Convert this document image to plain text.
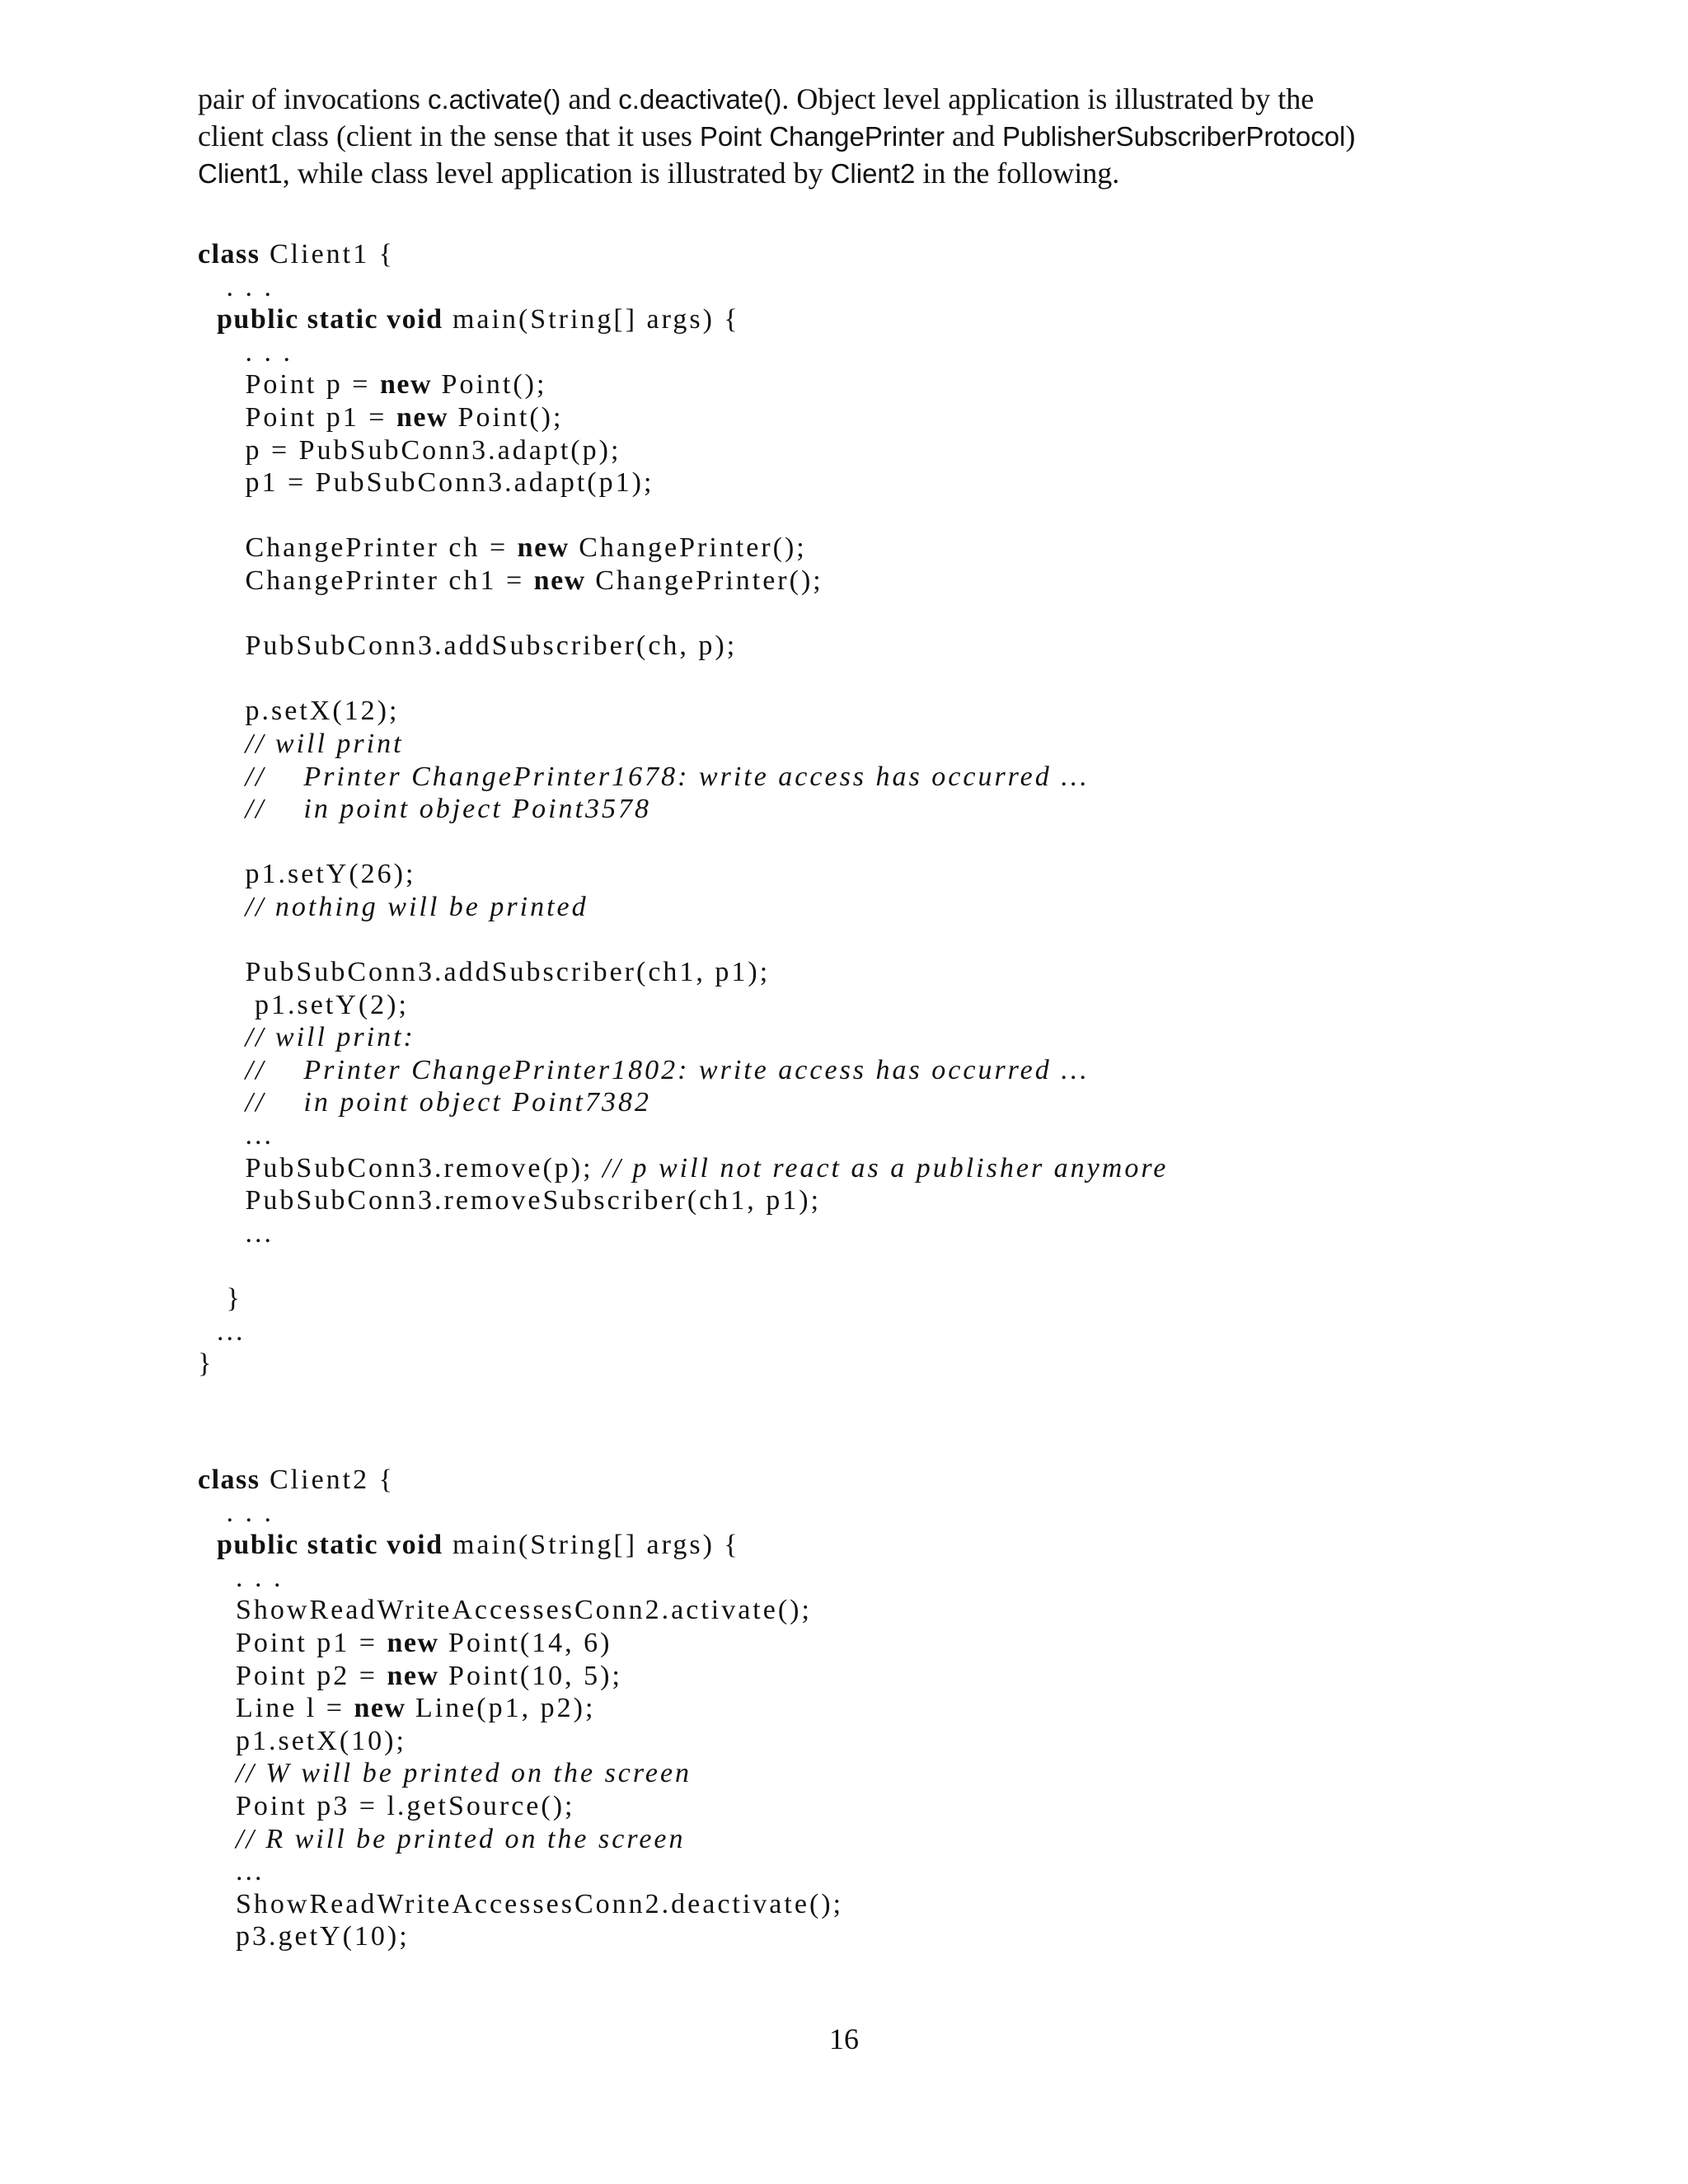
pair of invocations c.activate() and c.deactivate(). Object level application is illustrated by the
client class (client in the sense that it uses Point ChangePrinter and PublisherSubscriberProtocol)
Client1, while class level application is illustrated by Client2 in the following.

class Client1 {
. . .
public static void main(String[] args) {
. . .
Point p = new Point();
Point p1 = new Point();
p = PubSubConn3.adapt(p);
p1 = PubSubConn3.adapt(p1);
ChangePrinter ch = new ChangePrinter();
ChangePrinter ch1 = new ChangePrinter();
PubSubConn3.addSubscriber(ch, p);
p.setX(12);
// will print
//    Printer ChangePrinter1678: write access has occurred ...
//    in point object Point3578
p1.setY(26);
// nothing will be printed
PubSubConn3.addSubscriber(ch1, p1);
p1.setY(2);
// will print:
//    Printer ChangePrinter1802: write access has occurred ...
//    in point object Point7382
...
PubSubConn3.remove(p); // p will not react as a publisher anymore
PubSubConn3.removeSubscriber(ch1, p1);
...
}
...
}
class Client2 {
. . .
public static void main(String[] args) {
. . .
ShowReadWriteAccessesConn2.activate();
Point p1 = new Point(14, 6)
Point p2 = new Point(10, 5);
Line l = new Line(p1, p2);
p1.setX(10);
// W will be printed on the screen
Point p3 = l.getSource();
// R will be printed on the screen
...
ShowReadWriteAccessesConn2.deactivate();
p3.getY(10);
16
